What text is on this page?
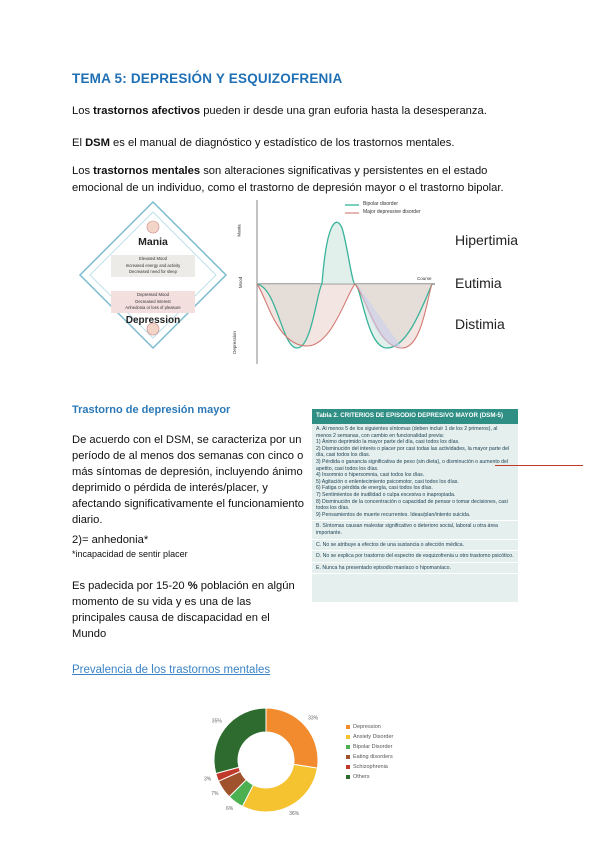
TEMA 5: DEPRESIÓN Y ESQUIZOFRENIA
Los trastornos afectivos pueden ir desde una gran euforia hasta la desesperanza.
El DSM es el manual de diagnóstico y estadístico de los trastornos mentales.
Los trastornos mentales son alteraciones significativas y persistentes en el estado emocional de un individuo, como el trastorno de depresión mayor o el trastorno bipolar.
Mania
Elevated Mood
Increased energy and activity
Decreased need for sleep
Depressed Mood
Decreased Interest
Anhedonia or loss of pleasure
Depression
Bipolar disorder
Major depressive disorder
Mania
Mood
Depression
Course
Hipertimia
Eutimia
Distimia
Trastorno de depresión mayor
De acuerdo con el DSM, se caracteriza por un período de al menos dos semanas con cinco o más síntomas de depresión, incluyendo ánimo deprimido o pérdida de interés/placer, y afectando significativamente el funcionamiento diario.
2)= anhedonia*
*incapacidad de sentir placer
Es padecida por 15-20 % población en algún momento de su vida y es una de las principales causa de discapacidad en el Mundo
Tabla 2. CRITERIOS DE EPISODIO DEPRESIVO MAYOR (DSM-5)
A. Al menos 5 de los siguientes síntomas (deben incluir 1 de los 2 primeros), al menos 2 semanas, con cambio en funcionalidad previa:
1) Ánimo deprimido la mayor parte del día, casi todos los días.
2) Disminución del interés o placer por casi todas las actividades, la mayor parte del día, casi todos los días.
3) Pérdida o ganancia significativa de peso (sin dieta), o disminución o aumento del apetito, casi todos los días.
4) Insomnio o hipersomnia, casi todos los días.
5) Agitación o enlentecimiento psicomotor, casi todos los días.
6) Fatiga o pérdida de energía, casi todos los días.
7) Sentimientos de inutilidad o culpa excesiva o inapropiada.
8) Disminución de la concentración o capacidad de pensar o tomar decisiones, casi todos los días.
9) Pensamientos de muerte recurrentes. Ideas/plan/intento suicida.
B. Síntomas causan malestar significativo o deterioro social, laboral u otra área importante.
C. No se atribuye a efectos de una sustancia o afección médica.
D. No se explica por trastorno del espectro de esquizofrenia u otro trastorno psicótico.
E. Nunca ha presentado episodio maníaco o hipomaníaco.
Prevalencia de los trastornos mentales
33%
36%
6%
7%
3%
35%
Depression
Anxiety Disorder
Bipolar Disorder
Eating disorders
Schizophrenia
Others
